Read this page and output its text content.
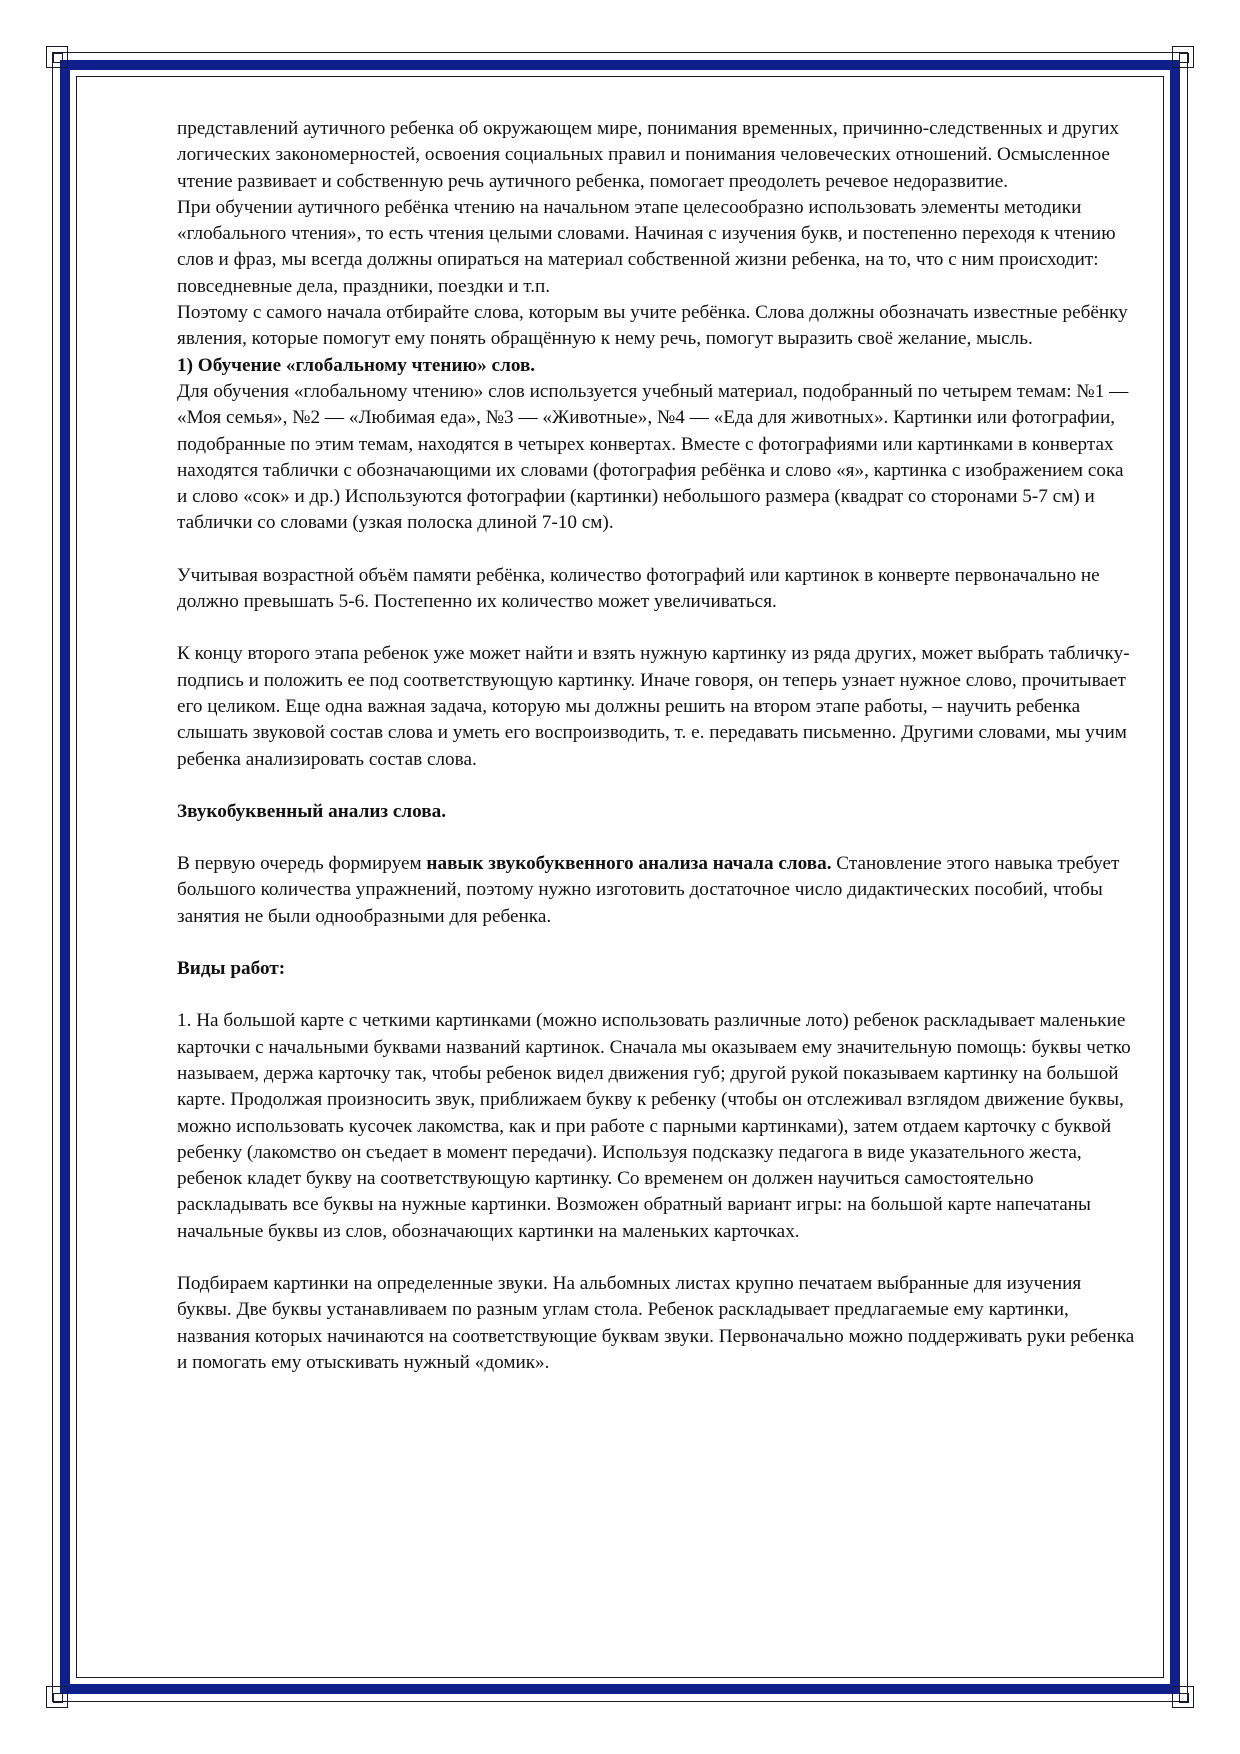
представлений аутичного ребенка об окружающем мире, понимания временных, причинно-следственных и других логических закономерностей, освоения социальных правил и понимания человеческих отношений. Осмысленное чтение развивает и собственную речь аутичного ребенка, помогает преодолеть речевое недоразвитие.

При обучении аутичного ребёнка чтению на начальном этапе целесообразно использовать элементы методики «глобального чтения», то есть чтения целыми словами. Начиная с изучения букв, и постепенно переходя к чтению слов и фраз, мы всегда должны опираться на материал собственной жизни ребенка, на то, что с ним происходит: повседневные дела, праздники, поездки и т.п.

Поэтому с самого начала отбирайте слова, которым вы учите ребёнка. Слова должны обозначать известные ребёнку явления, которые помогут ему понять обращённую к нему речь, помогут выразить своё желание, мысль.

1) Обучение «глобальному чтению» слов.

Для обучения «глобальному чтению» слов используется учебный материал, подобранный по четырем темам: №1 — «Моя семья», №2 — «Любимая еда», №3 — «Животные», №4 — «Еда для животных». Картинки или фотографии, подобранные по этим темам, находятся в четырех конвертах. Вместе с фотографиями или картинками в конвертах находятся таблички с обозначающими их словами (фотография ребёнка и слово «я», картинка с изображением сока и слово «сок» и др.) Используются фотографии (картинки) небольшого размера (квадрат со сторонами 5-7 см) и таблички со словами (узкая полоска длиной 7-10 см).

Учитывая возрастной объём памяти ребёнка, количество фотографий или картинок в конверте первоначально не должно превышать 5-6. Постепенно их количество может увеличиваться.

К концу второго этапа ребенок уже может найти и взять нужную картинку из ряда других, может выбрать табличку-подпись и положить ее под соответствующую картинку. Иначе говоря, он теперь узнает нужное слово, прочитывает его целиком. Еще одна важная задача, которую мы должны решить на втором этапе работы, – научить ребенка слышать звуковой состав слова и уметь его воспроизводить, т. е. передавать письменно. Другими словами, мы учим ребенка анализировать состав слова.

Звукобуквенный анализ слова.

В первую очередь формируем навык звукобуквенного анализа начала слова. Становление этого навыка требует большого количества упражнений, поэтому нужно изготовить достаточное число дидактических пособий, чтобы занятия не были однообразными для ребенка.

Виды работ:

1. На большой карте с четкими картинками (можно использовать различные лото) ребенок раскладывает маленькие карточки с начальными буквами названий картинок. Сначала мы оказываем ему значительную помощь: буквы четко называем, держа карточку так, чтобы ребенок видел движения губ; другой рукой показываем картинку на большой карте. Продолжая произносить звук, приближаем букву к ребенку (чтобы он отслеживал взглядом движение буквы, можно использовать кусочек лакомства, как и при работе с парными картинками), затем отдаем карточку с буквой ребенку (лакомство он съедает в момент передачи). Используя подсказку педагога в виде указательного жеста, ребенок кладет букву на соответствующую картинку. Со временем он должен научиться самостоятельно раскладывать все буквы на нужные картинки. Возможен обратный вариант игры: на большой карте напечатаны начальные буквы из слов, обозначающих картинки на маленьких карточках.

Подбираем картинки на определенные звуки. На альбомных листах крупно печатаем выбранные для изучения буквы. Две буквы устанавливаем по разным углам стола. Ребенок раскладывает предлагаемые ему картинки, названия которых начинаются на соответствующие буквам звуки. Первоначально можно поддерживать руки ребенка и помогать ему отыскивать нужный «домик».
